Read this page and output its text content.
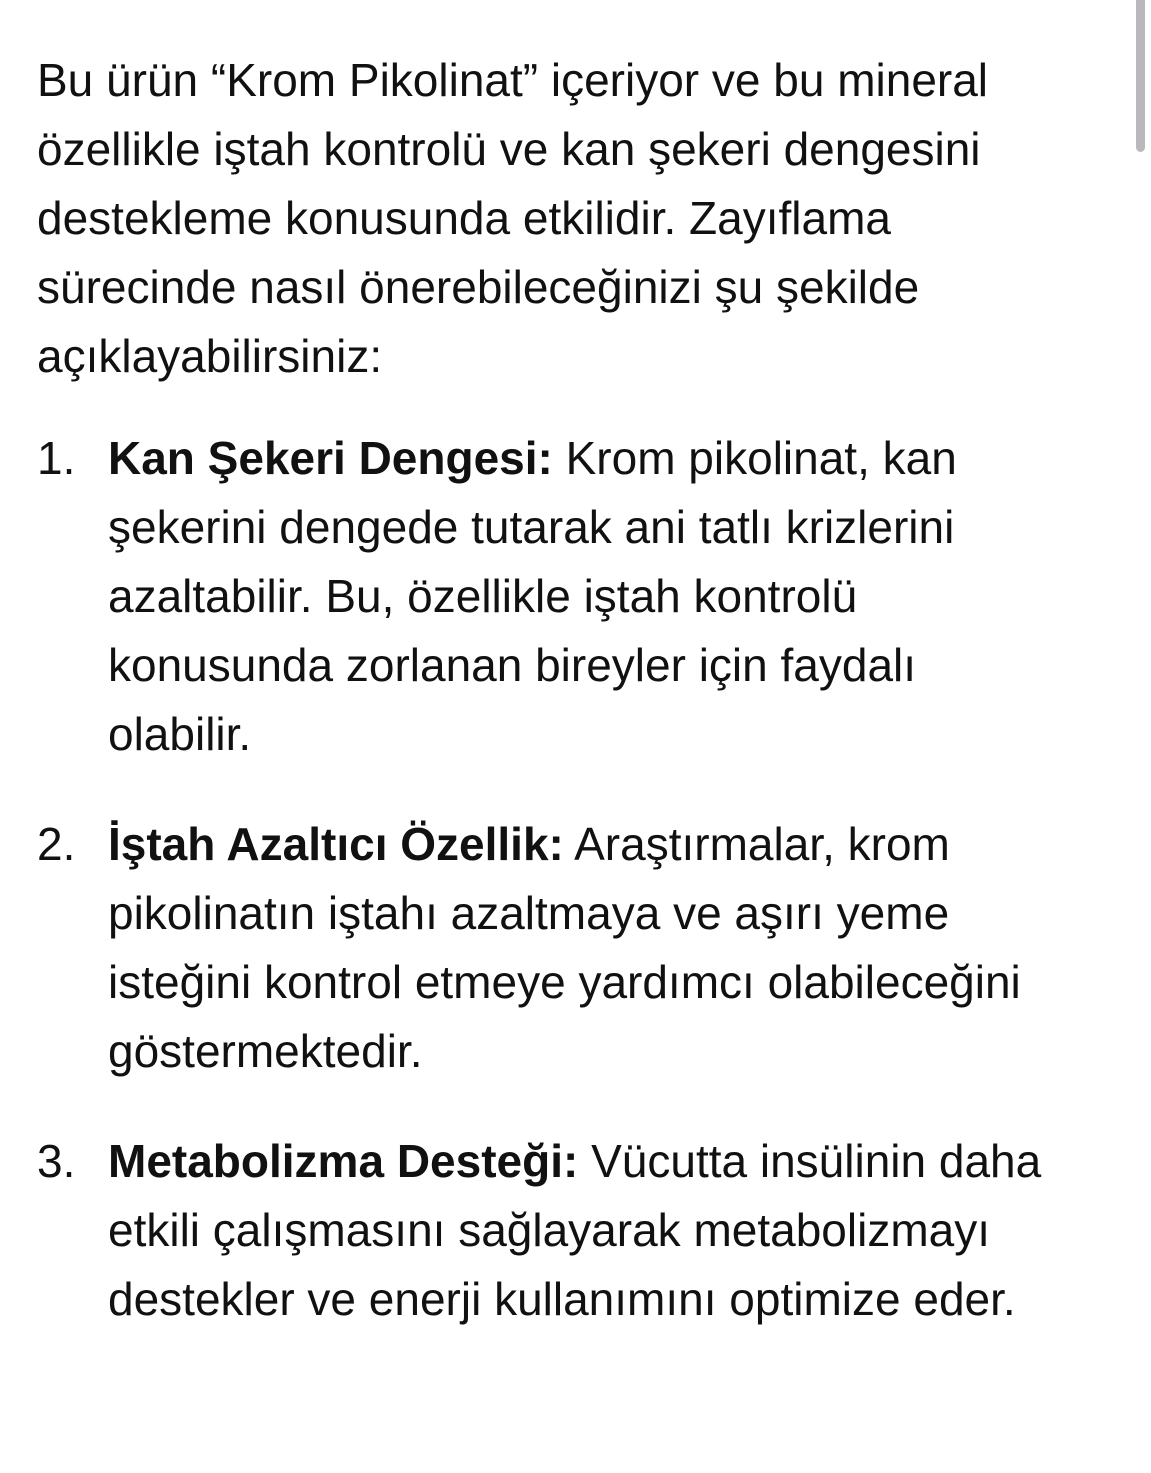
Bu ürün “Krom Pikolinat” içeriyor ve bu mineral özellikle iştah kontrolü ve kan şekeri dengesini destekleme konusunda etkilidir. Zayıflama sürecinde nasıl önerebileceğinizi şu şekilde açıklayabilirsiniz:

1. Kan Şekeri Dengesi: Krom pikolinat, kan şekerini dengede tutarak ani tatlı krizlerini azaltabilir. Bu, özellikle iştah kontrolü konusunda zorlanan bireyler için faydalı olabilir.
2. İştah Azaltıcı Özellik: Araştırmalar, krom pikolinatın iştahı azaltmaya ve aşırı yeme isteğini kontrol etmeye yardımcı olabileceğini göstermektedir.
3. Metabolizma Desteği: Vücutta insülinin daha etkili çalışmasını sağlayarak metabolizmayı destekler ve enerji kullanımını optimize eder.
